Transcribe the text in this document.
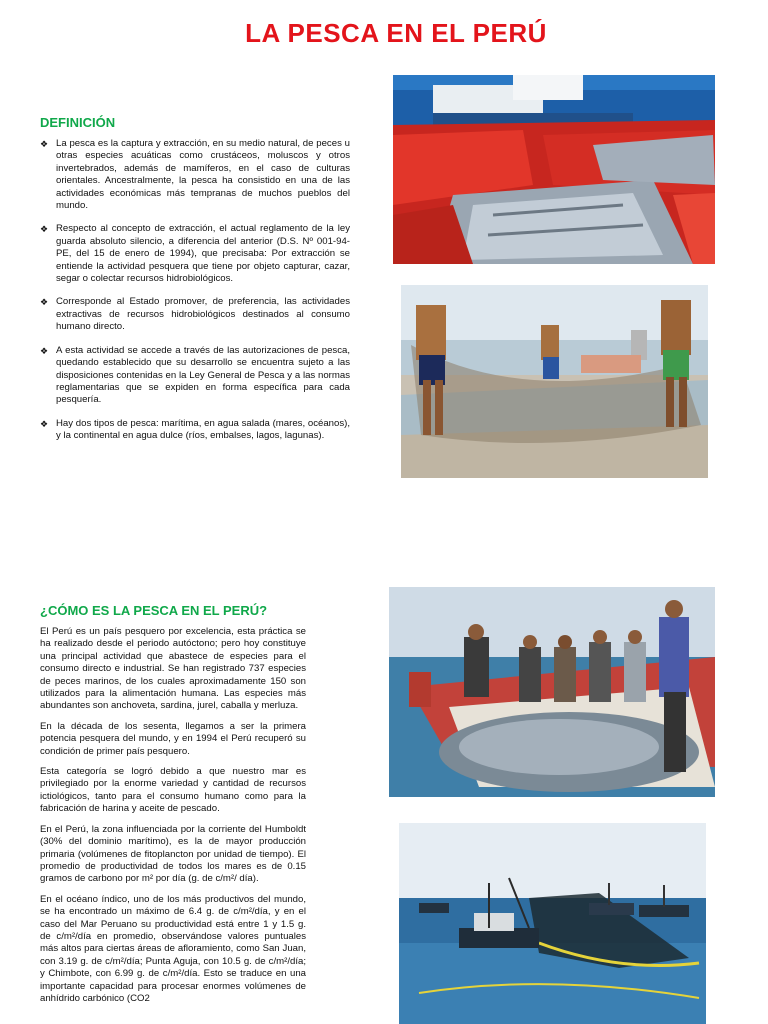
LA PESCA EN EL PERÚ
DEFINICIÓN
❖ La pesca es la captura y extracción, en su medio natural, de peces u otras especies acuáticas como crustáceos, moluscos y otros invertebrados, además de mamíferos, en el caso de culturas orientales. Ancestralmente, la pesca ha consistido en una de las actividades económicas más tempranas de muchos pueblos del mundo.
❖ Respecto al concepto de extracción, el actual reglamento de la ley guarda absoluto silencio, a diferencia del anterior (D.S. Nº 001-94-PE, del 15 de enero de 1994), que precisaba: Por extracción se entiende la actividad pesquera que tiene por objeto capturar, cazar, segar o colectar recursos hidrobiológicos.
❖ Corresponde al Estado promover, de preferencia, las actividades extractivas de recursos hidrobiológicos destinados al consumo humano directo.
❖ A esta actividad se accede a través de las autorizaciones de pesca, quedando establecido que su desarrollo se encuentra sujeto a las disposiciones contenidas en la Ley General de Pesca y a las normas reglamentarias que se expiden en forma específica para cada pesquería.
❖ Hay dos tipos de pesca: marítima, en agua salada (mares, océanos), y la continental en agua dulce (ríos, embalses, lagos, lagunas).
¿CÓMO ES LA PESCA EN EL PERÚ?

El Perú es un país pesquero por excelencia, esta práctica se ha realizado desde el periodo autóctono; pero hoy constituye una principal actividad que abastece de especies para el consumo directo e industrial. Se han registrado 737 especies de peces marinos, de los cuales aproximadamente 150 son utilizados para la alimentación humana. Las especies más abundantes son anchoveta, sardina, jurel, caballa y merluza.

En la década de los sesenta, llegamos a ser la primera potencia pesquera del mundo, y en 1994 el Perú recuperó su condición de primer país pesquero.

Esta categoría se logró debido a que nuestro mar es privilegiado por la enorme variedad y cantidad de recursos ictiológicos, tanto para el consumo humano como para la fabricación de harina y aceite de pescado.

En el Perú, la zona influenciada por la corriente del Humboldt (30% del dominio marítimo), es la de mayor producción primaria (volúmenes de fitoplancton por unidad de tiempo). El promedio de productividad de todos los mares es de 0.15 gramos de carbono por m² por día (g. de c/m²/ día).

En el océano índico, uno de los más productivos del mundo, se ha encontrado un máximo de 6.4 g. de c/m²/día, y en el caso del Mar Peruano su productividad está entre 1 y 1.5 g. de c/m²/día en promedio, observándose valores puntuales más altos para ciertas áreas de afloramiento, como San Juan, con 3.19 g. de c/m²/día; Punta Aguja, con 10.5 g. de c/m²/día; y Chimbote, con 6.99 g. de c/m²/día. Esto se traduce en una importante capacidad para procesar enormes volúmenes de anhídrido carbónico (CO2
